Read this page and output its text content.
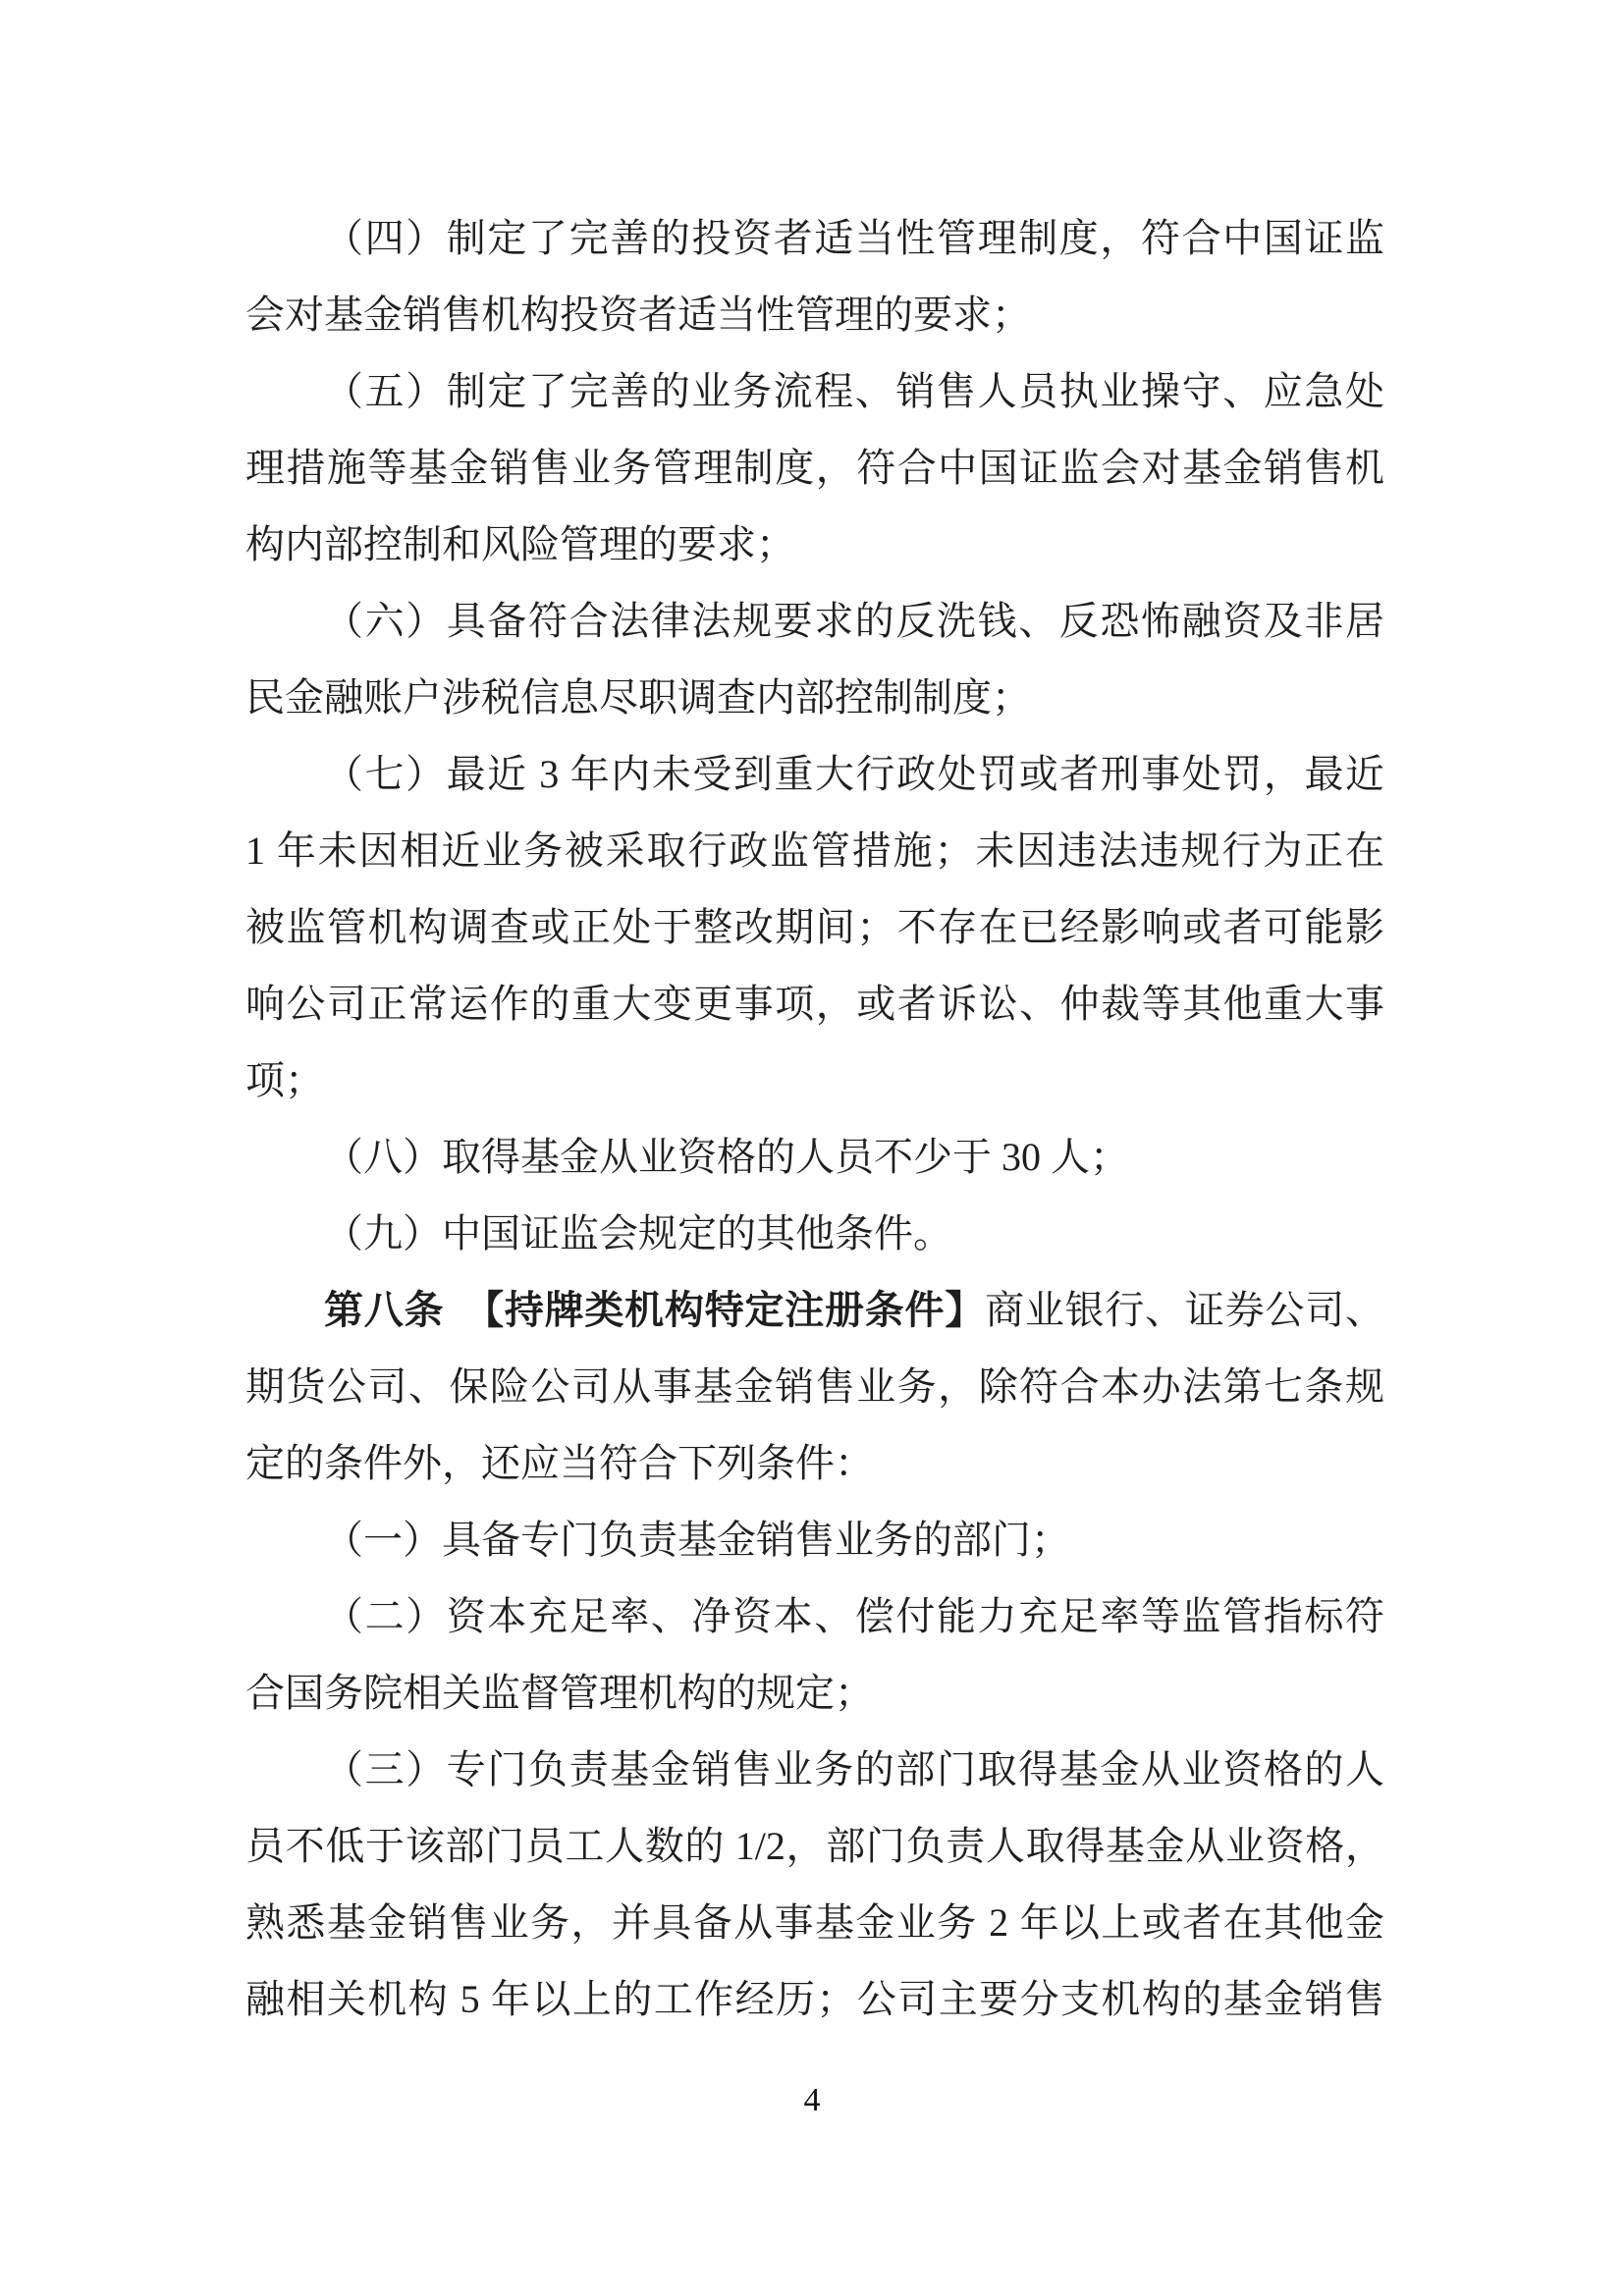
（四）制定了完善的投资者适当性管理制度，符合中国证监
会对基金销售机构投资者适当性管理的要求；
（五）制定了完善的业务流程、销售人员执业操守、应急处
理措施等基金销售业务管理制度，符合中国证监会对基金销售机
构内部控制和风险管理的要求；
（六）具备符合法律法规要求的反洗钱、反恐怖融资及非居
民金融账户涉税信息尽职调查内部控制制度；
（七）最近 3 年内未受到重大行政处罚或者刑事处罚，最近
1 年未因相近业务被采取行政监管措施；未因违法违规行为正在
被监管机构调查或正处于整改期间；不存在已经影响或者可能影
响公司正常运作的重大变更事项，或者诉讼、仲裁等其他重大事
项；
（八）取得基金从业资格的人员不少于 30 人；
（九）中国证监会规定的其他条件。
第八条　 【持牌类机构特定注册条件】商业银行、证券公司、
期货公司、保险公司从事基金销售业务，除符合本办法第七条规
定的条件外，还应当符合下列条件：
（一）具备专门负责基金销售业务的部门；
（二）资本充足率、净资本、偿付能力充足率等监管指标符
合国务院相关监督管理机构的规定；
（三）专门负责基金销售业务的部门取得基金从业资格的人
员不低于该部门员工人数的 1/2，部门负责人取得基金从业资格，
熟悉基金销售业务，并具备从事基金业务 2 年以上或者在其他金
融相关机构 5 年以上的工作经历；公司主要分支机构的基金销售
4
